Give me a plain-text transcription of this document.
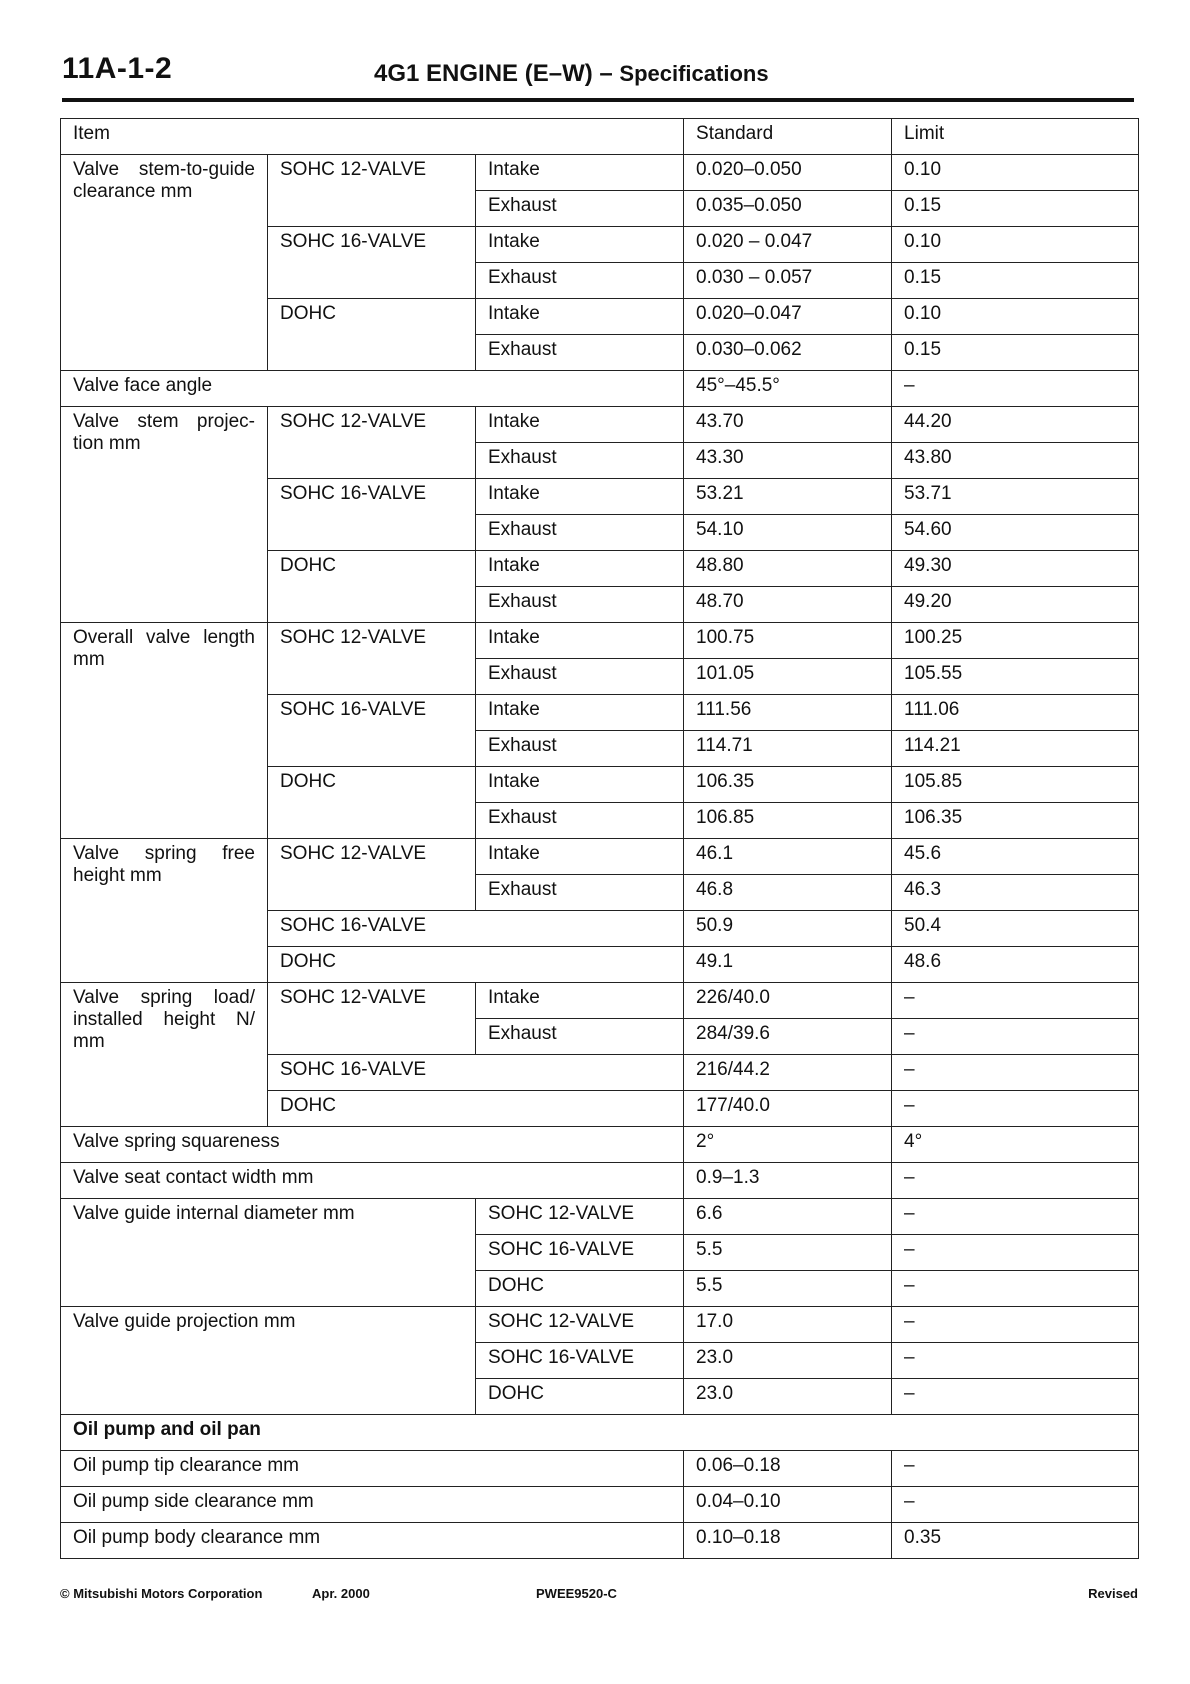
11A-1-2	4G1 ENGINE (E–W) – Specifications
Item			Standard	Limit
Valve stem-to-guide clearance mm	SOHC 12-VALVE	Intake	0.020–0.050	0.10
		Exhaust	0.035–0.050	0.15
	SOHC 16-VALVE	Intake	0.020 – 0.047	0.10
		Exhaust	0.030 – 0.057	0.15
	DOHC	Intake	0.020–0.047	0.10
		Exhaust	0.030–0.062	0.15
Valve face angle			45°–45.5°	–
Valve stem projec- tion mm	SOHC 12-VALVE	Intake	43.70	44.20
		Exhaust	43.30	43.80
	SOHC 16-VALVE	Intake	53.21	53.71
		Exhaust	54.10	54.60
	DOHC	Intake	48.80	49.30
		Exhaust	48.70	49.20
Overall valve length mm	SOHC 12-VALVE	Intake	100.75	100.25
		Exhaust	101.05	105.55
	SOHC 16-VALVE	Intake	111.56	111.06
		Exhaust	114.71	114.21
	DOHC	Intake	106.35	105.85
		Exhaust	106.85	106.35
Valve spring free height mm	SOHC 12-VALVE	Intake	46.1	45.6
		Exhaust	46.8	46.3
	SOHC 16-VALVE		50.9	50.4
	DOHC		49.1	48.6
Valve spring load/ installed height N/ mm	SOHC 12-VALVE	Intake	226/40.0	–
		Exhaust	284/39.6	–
	SOHC 16-VALVE		216/44.2	–
	DOHC		177/40.0	–
Valve spring squareness			2°	4°
Valve seat contact width mm			0.9–1.3	–
Valve guide internal diameter mm		SOHC 12-VALVE	6.6	–
		SOHC 16-VALVE	5.5	–
		DOHC	5.5	–
Valve guide projection mm		SOHC 12-VALVE	17.0	–
		SOHC 16-VALVE	23.0	–
		DOHC	23.0	–
Oil pump and oil pan				
Oil pump tip clearance mm			0.06–0.18	–
Oil pump side clearance mm			0.04–0.10	–
Oil pump body clearance mm			0.10–0.18	0.35
© Mitsubishi Motors Corporation	Apr. 2000	PWEE9520-C	Revised
